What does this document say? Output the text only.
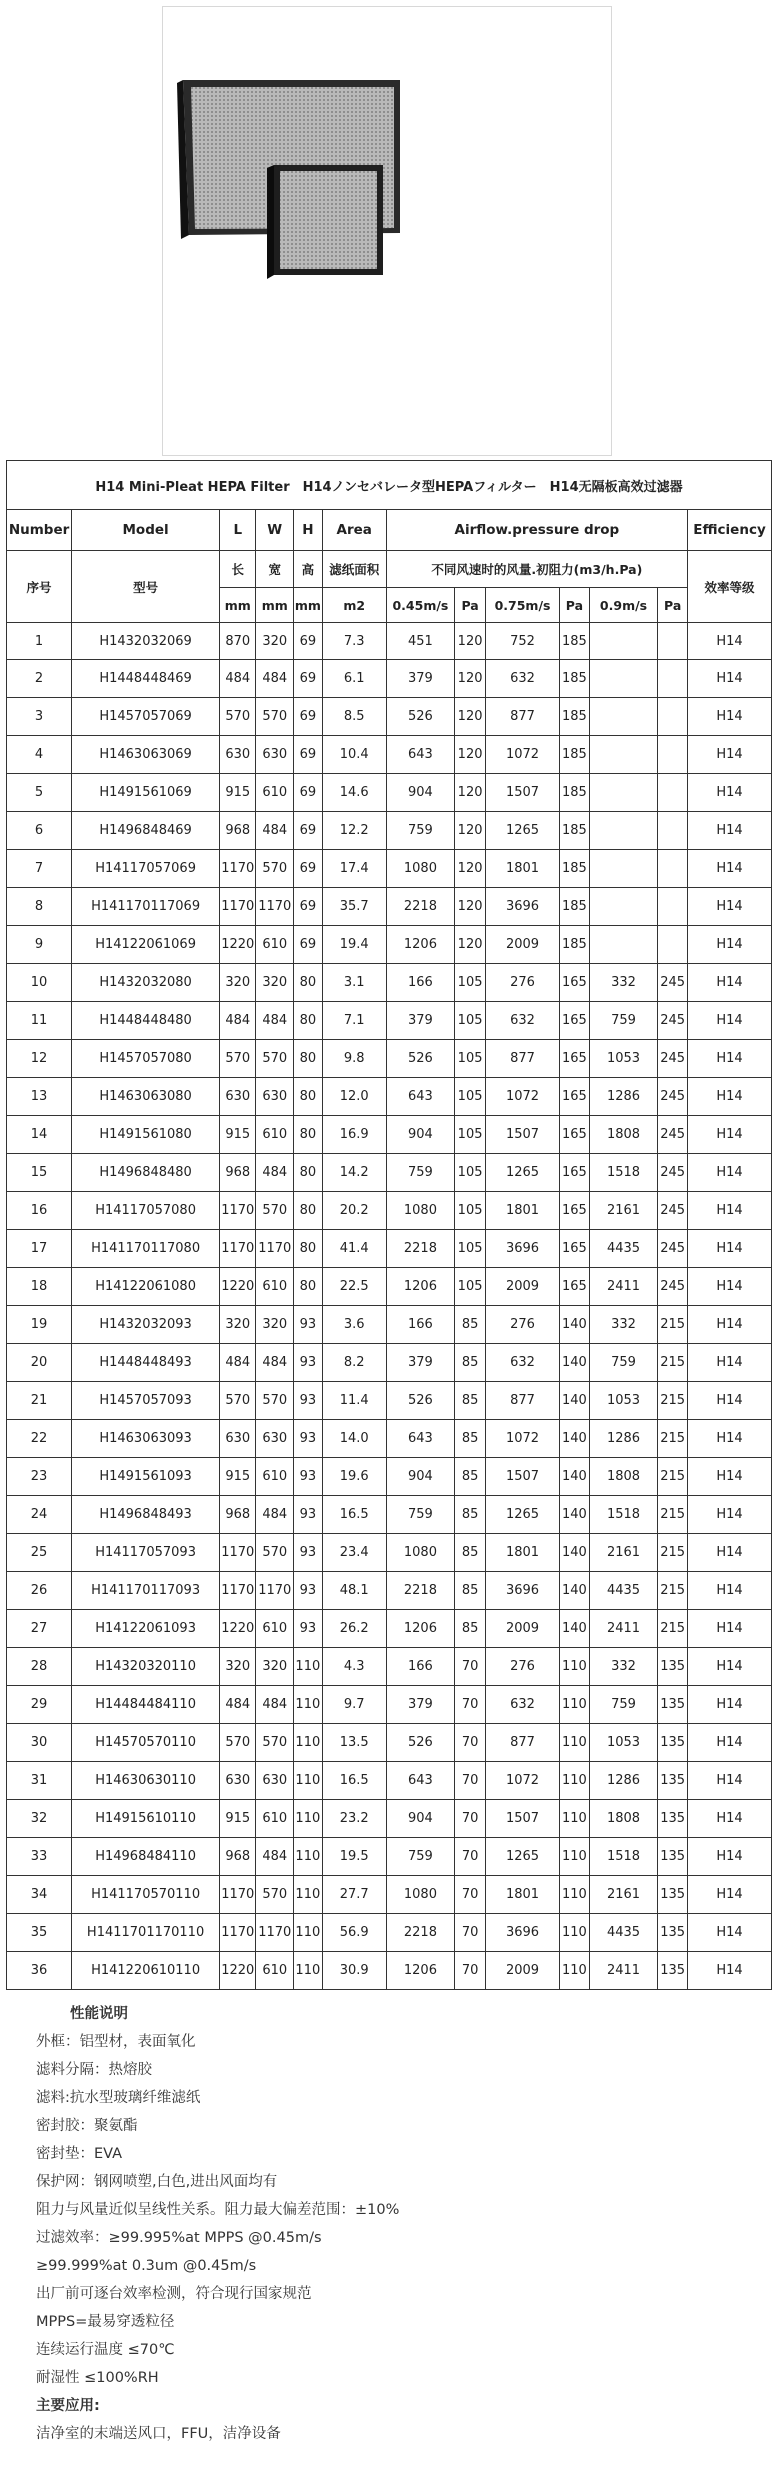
H14 Mini-Pleat HEPA Filter　H14ノンセバレータ型HEPAフィルター　H14无隔板高效过滤器												
Number	Model	L	W	H	Area	Airflow.pressure drop						Efficiency
序号	型号	长	宽	高	滤纸面积	不同风速时的风量.初阻力(m3/h.Pa)						效率等级
		mm	mm	mm	m2	0.45m/s	Pa	0.75m/s	Pa	0.9m/s	Pa	
1	H1432032069	870	320	69	7.3	451	120	752	185			H14
2	H1448448469	484	484	69	6.1	379	120	632	185			H14
3	H1457057069	570	570	69	8.5	526	120	877	185			H14
4	H1463063069	630	630	69	10.4	643	120	1072	185			H14
5	H1491561069	915	610	69	14.6	904	120	1507	185			H14
6	H1496848469	968	484	69	12.2	759	120	1265	185			H14
7	H14117057069	1170	570	69	17.4	1080	120	1801	185			H14
8	H141170117069	1170	1170	69	35.7	2218	120	3696	185			H14
9	H14122061069	1220	610	69	19.4	1206	120	2009	185			H14
10	H1432032080	320	320	80	3.1	166	105	276	165	332	245	H14
11	H1448448480	484	484	80	7.1	379	105	632	165	759	245	H14
12	H1457057080	570	570	80	9.8	526	105	877	165	1053	245	H14
13	H1463063080	630	630	80	12.0	643	105	1072	165	1286	245	H14
14	H1491561080	915	610	80	16.9	904	105	1507	165	1808	245	H14
15	H1496848480	968	484	80	14.2	759	105	1265	165	1518	245	H14
16	H14117057080	1170	570	80	20.2	1080	105	1801	165	2161	245	H14
17	H141170117080	1170	1170	80	41.4	2218	105	3696	165	4435	245	H14
18	H14122061080	1220	610	80	22.5	1206	105	2009	165	2411	245	H14
19	H1432032093	320	320	93	3.6	166	85	276	140	332	215	H14
20	H1448448493	484	484	93	8.2	379	85	632	140	759	215	H14
21	H1457057093	570	570	93	11.4	526	85	877	140	1053	215	H14
22	H1463063093	630	630	93	14.0	643	85	1072	140	1286	215	H14
23	H1491561093	915	610	93	19.6	904	85	1507	140	1808	215	H14
24	H1496848493	968	484	93	16.5	759	85	1265	140	1518	215	H14
25	H14117057093	1170	570	93	23.4	1080	85	1801	140	2161	215	H14
26	H141170117093	1170	1170	93	48.1	2218	85	3696	140	4435	215	H14
27	H14122061093	1220	610	93	26.2	1206	85	2009	140	2411	215	H14
28	H14320320110	320	320	110	4.3	166	70	276	110	332	135	H14
29	H14484484110	484	484	110	9.7	379	70	632	110	759	135	H14
30	H14570570110	570	570	110	13.5	526	70	877	110	1053	135	H14
31	H14630630110	630	630	110	16.5	643	70	1072	110	1286	135	H14
32	H14915610110	915	610	110	23.2	904	70	1507	110	1808	135	H14
33	H14968484110	968	484	110	19.5	759	70	1265	110	1518	135	H14
34	H141170570110	1170	570	110	27.7	1080	70	1801	110	2161	135	H14
35	H1411701170110	1170	1170	110	56.9	2218	70	3696	110	4435	135	H14
36	H141220610110	1220	610	110	30.9	1206	70	2009	110	2411	135	H14
性能说明
外框：铝型材，表面氧化
滤料分隔：热熔胶
滤料:抗水型玻璃纤维滤纸
密封胶：聚氨酯
密封垫：EVA
保护网：钢网喷塑,白色,进出风面均有
阻力与风量近似呈线性关系。阻力最大偏差范围：±10%
过滤效率：≥99.995%at MPPS @0.45m/s
≥99.999%at 0.3um @0.45m/s
出厂前可逐台效率检测，符合现行国家规范
MPPS=最易穿透粒径
连续运行温度 ≤70℃
耐湿性 ≤100%RH
主要应用:
洁净室的末端送风口，FFU，洁净设备
